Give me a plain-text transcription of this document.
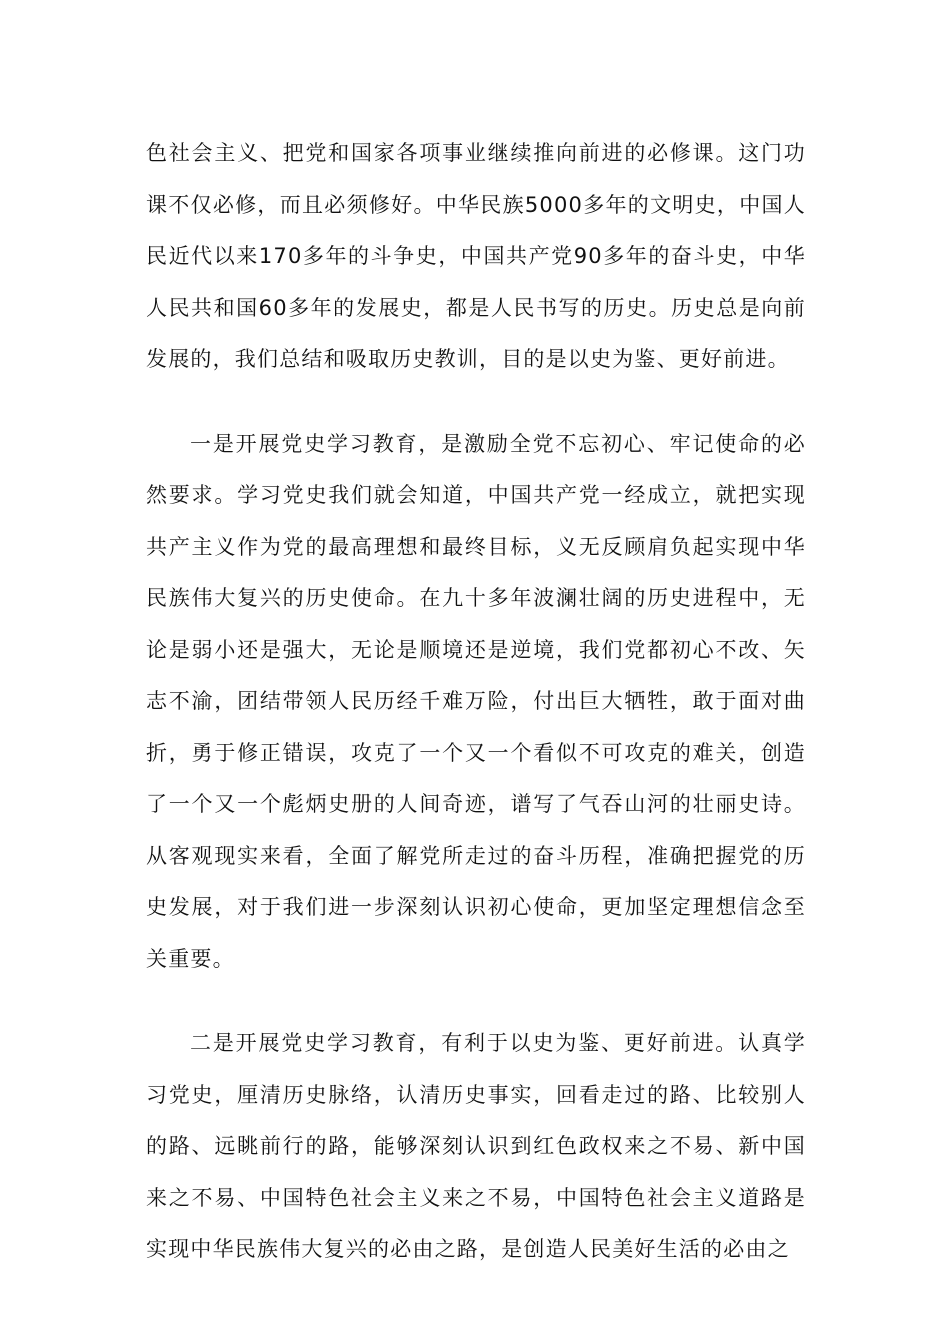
色社会主义、把党和国家各项事业继续推向前进的必修课。这门功课不仅必修，而且必须修好。中华民族5000多年的文明史，中国人民近代以来170多年的斗争史，中国共产党90多年的奋斗史，中华人民共和国60多年的发展史，都是人民书写的历史。历史总是向前发展的，我们总结和吸取历史教训，目的是以史为鉴、更好前进。

一是开展党史学习教育，是激励全党不忘初心、牢记使命的必然要求。学习党史我们就会知道，中国共产党一经成立，就把实现共产主义作为党的最高理想和最终目标，义无反顾肩负起实现中华民族伟大复兴的历史使命。在九十多年波澜壮阔的历史进程中，无论是弱小还是强大，无论是顺境还是逆境，我们党都初心不改、矢志不渝，团结带领人民历经千难万险，付出巨大牺牲，敢于面对曲折，勇于修正错误，攻克了一个又一个看似不可攻克的难关，创造了一个又一个彪炳史册的人间奇迹，谱写了气吞山河的壮丽史诗。从客观现实来看，全面了解党所走过的奋斗历程，准确把握党的历史发展，对于我们进一步深刻认识初心使命，更加坚定理想信念至关重要。

二是开展党史学习教育，有利于以史为鉴、更好前进。认真学习党史，厘清历史脉络，认清历史事实，回看走过的路、比较别人的路、远眺前行的路，能够深刻认识到红色政权来之不易、新中国来之不易、中国特色社会主义来之不易，中国特色社会主义道路是实现中华民族伟大复兴的必由之路，是创造人民美好生活的必由之
